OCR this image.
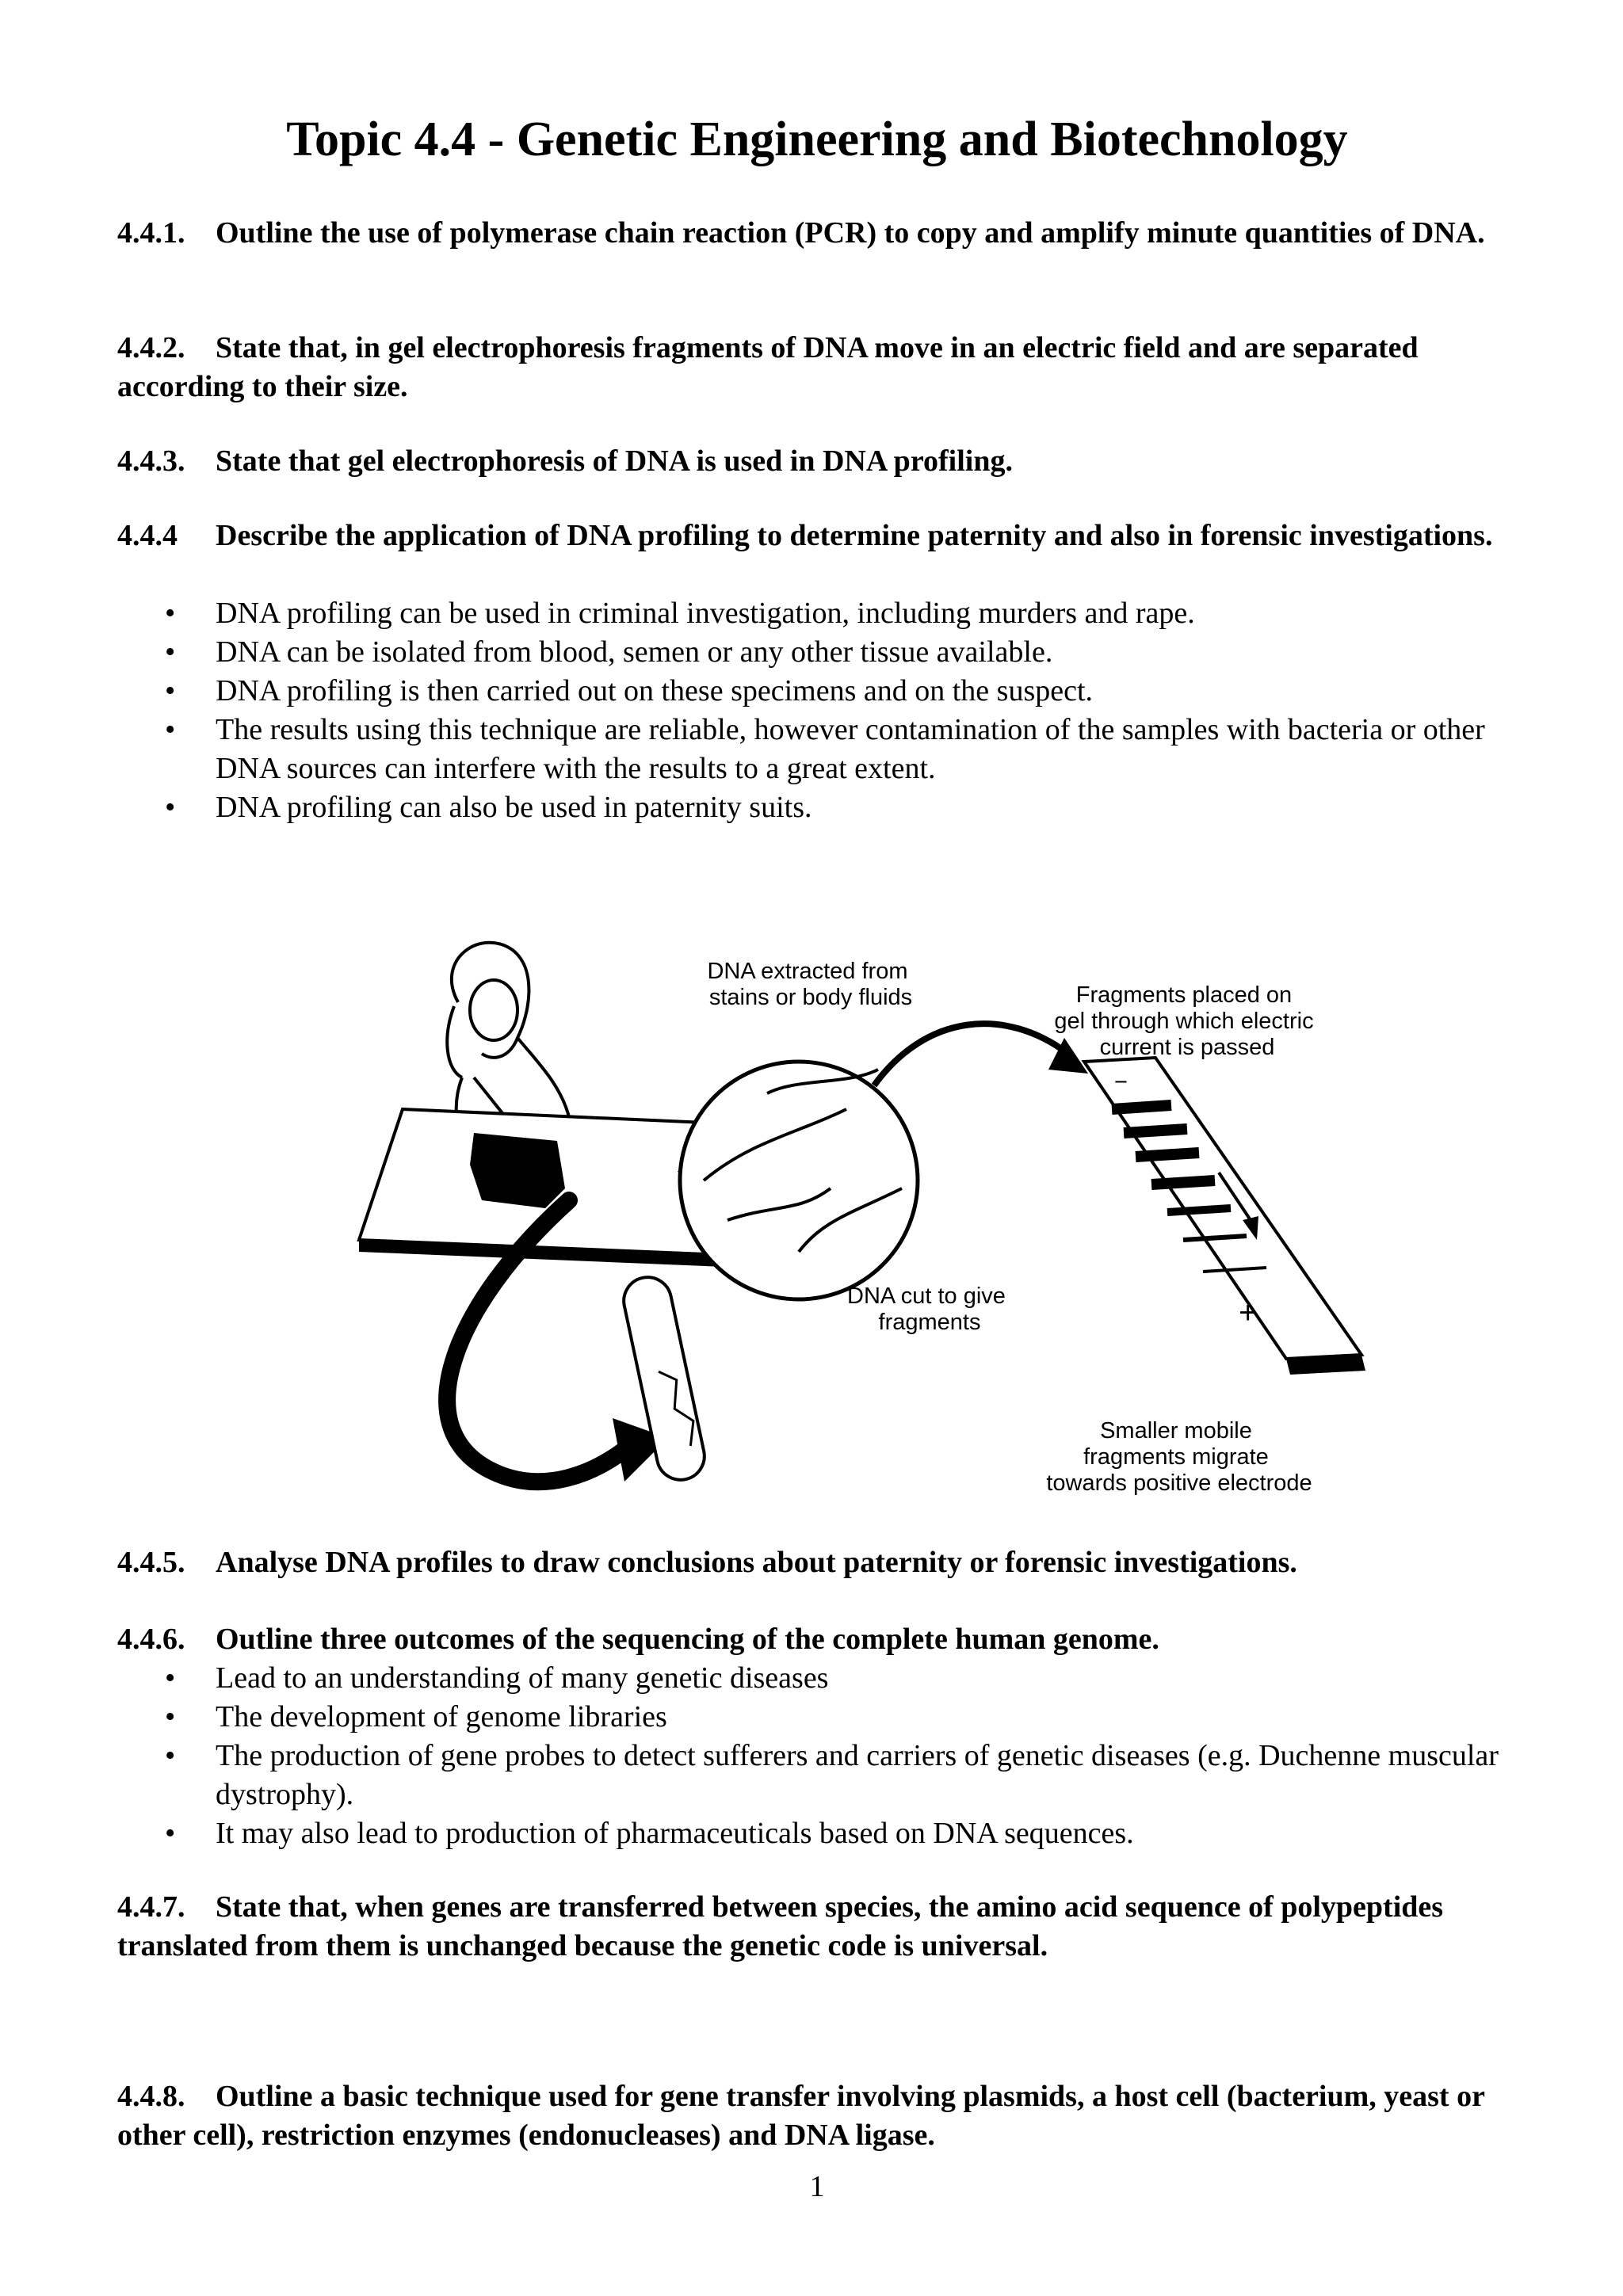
Topic 4.4 - Genetic Engineering and Biotechnology
4.4.1. Outline the use of polymerase chain reaction (PCR) to copy and amplify minute quantities of DNA.
4.4.2. State that, in gel electrophoresis fragments of DNA move in an electric field and are separated according to their size.
4.4.3. State that gel electrophoresis of DNA is used in DNA profiling.
4.4.4 Describe the application of DNA profiling to determine paternity and also in forensic investigations.
• DNA profiling can be used in criminal investigation, including murders and rape.
• DNA can be isolated from blood, semen or any other tissue available.
• DNA profiling is then carried out on these specimens and on the suspect.
• The results using this technique are reliable, however contamination of the samples with bacteria or other DNA sources can interfere with the results to a great extent.
• DNA profiling can also be used in paternity suits.
−
+
DNA extracted from stains or body fluids	Fragments placed on gel through which electric current is passed
DNA cut to give fragments
Smaller mobile fragments migrate towards positive electrode
4.4.5. Analyse DNA profiles to draw conclusions about paternity or forensic investigations.
4.4.6. Outline three outcomes of the sequencing of the complete human genome.
• Lead to an understanding of many genetic diseases
• The development of genome libraries
• The production of gene probes to detect sufferers and carriers of genetic diseases (e.g. Duchenne muscular dystrophy).
• It may also lead to production of pharmaceuticals based on DNA sequences.
4.4.7. State that, when genes are transferred between species, the amino acid sequence of polypeptides translated from them is unchanged because the genetic code is universal.
4.4.8. Outline a basic technique used for gene transfer involving plasmids, a host cell (bacterium, yeast or other cell), restriction enzymes (endonucleases) and DNA ligase.
1
